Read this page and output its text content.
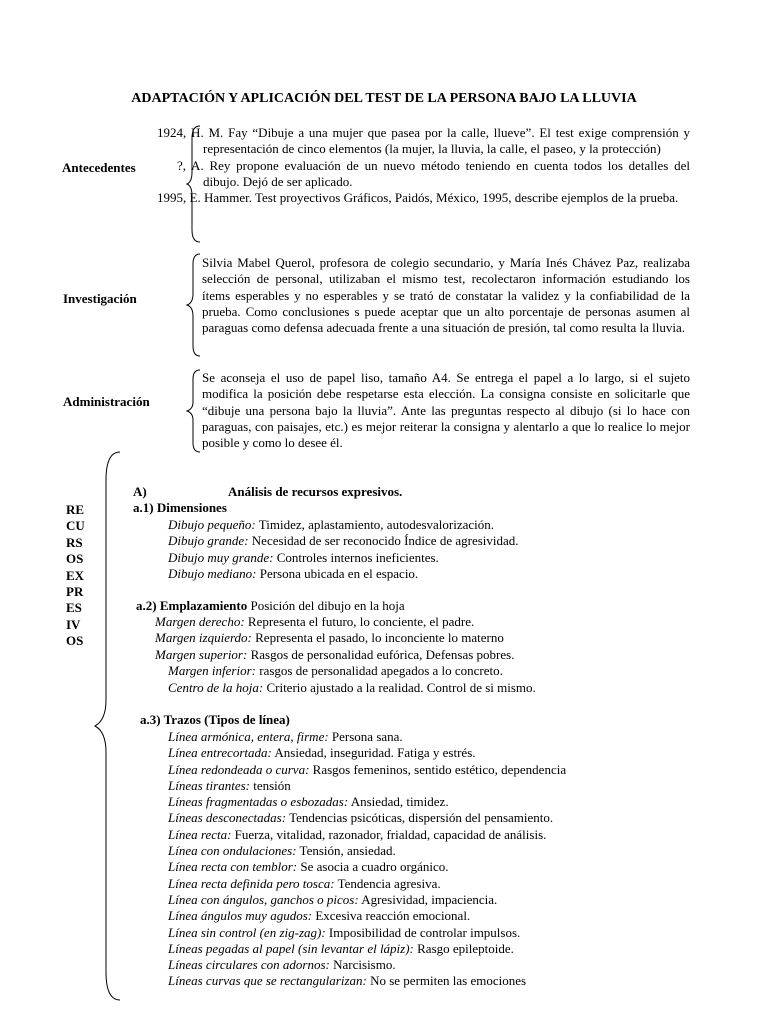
ADAPTACIÓN Y APLICACIÓN DEL TEST DE LA PERSONA BAJO LA LLUVIA
Antecedentes

1924, H. M. Fay “Dibuje a una mujer que pasea por la calle, llueve”. El test exige comprensión y representación de cinco elementos (la mujer, la lluvia, la calle, el paseo, y la protección)

?, A. Rey propone evaluación de un nuevo método teniendo en cuenta todos los detalles del dibujo. Dejó de ser aplicado.

1995, E. Hammer. Test proyectivos Gráficos, Paidós, México, 1995, describe ejemplos de la prueba.

Investigación
Silvia Mabel Querol, profesora de colegio secundario, y María Inés Chávez Paz, realizaba selección de personal, utilizaban el mismo test, recolectaron información estudiando los ítems esperables y no esperables y se trató de constatar la validez y la confiabilidad de la prueba. Como conclusiones s puede aceptar que un alto porcentaje de personas asumen al paraguas como defensa adecuada frente a una situación de presión, tal como resulta la lluvia.
Administración
Se aconseja el uso de papel liso, tamaño A4. Se entrega el papel a lo largo, si el sujeto modifica la posición debe respetarse esta elección. La consigna consiste en solicitarle que “dibuje una persona bajo la lluvia”. Ante las preguntas respecto al dibujo (si lo hace con paraguas, con paisajes, etc.) es mejor reiterar la consigna y alentarlo a que lo realice lo mejor posible y como lo desee él.
RE
CU
RS
OS
EX
PR
ES
IV
OS
A)	Análisis de recursos expresivos.
a.1) Dimensiones
Dibujo pequeño: Timidez, aplastamiento, autodesvalorización.
Dibujo grande: Necesidad de ser reconocido Índice de agresividad.
Dibujo muy grande: Controles internos ineficientes.
Dibujo mediano: Persona ubicada en el espacio.
a.2) Emplazamiento Posición del dibujo en la hoja
Margen derecho: Representa el futuro, lo conciente, el padre.
Margen izquierdo: Representa el pasado, lo inconciente lo materno
Margen superior: Rasgos de personalidad eufórica, Defensas pobres.
Margen inferior: rasgos de personalidad apegados a lo concreto.
Centro de la hoja: Criterio ajustado a la realidad. Control de si mismo.
a.3) Trazos (Tipos de línea)
Línea armónica, entera, firme: Persona sana.
Línea entrecortada: Ansiedad, inseguridad. Fatiga y estrés.
Línea redondeada o curva: Rasgos femeninos, sentido estético, dependencia
Líneas tirantes: tensión
Líneas fragmentadas o esbozadas: Ansiedad, timidez.
Líneas desconectadas: Tendencias psicóticas, dispersión del pensamiento.
Línea recta: Fuerza, vitalidad, razonador, frialdad, capacidad de análisis.
Línea con ondulaciones: Tensión, ansiedad.
Línea recta con temblor: Se asocia a cuadro orgánico.
Línea recta definida pero tosca: Tendencia agresiva.
Línea con ángulos, ganchos o picos: Agresividad, impaciencia.
Línea ángulos muy agudos: Excesiva reacción emocional.
Línea sin control (en zig-zag): Imposibilidad de controlar impulsos.
Líneas pegadas al papel (sin levantar el lápiz): Rasgo epileptoide.
Líneas circulares con adornos: Narcisismo.
Líneas curvas que se rectangularizan: No se permiten las emociones
